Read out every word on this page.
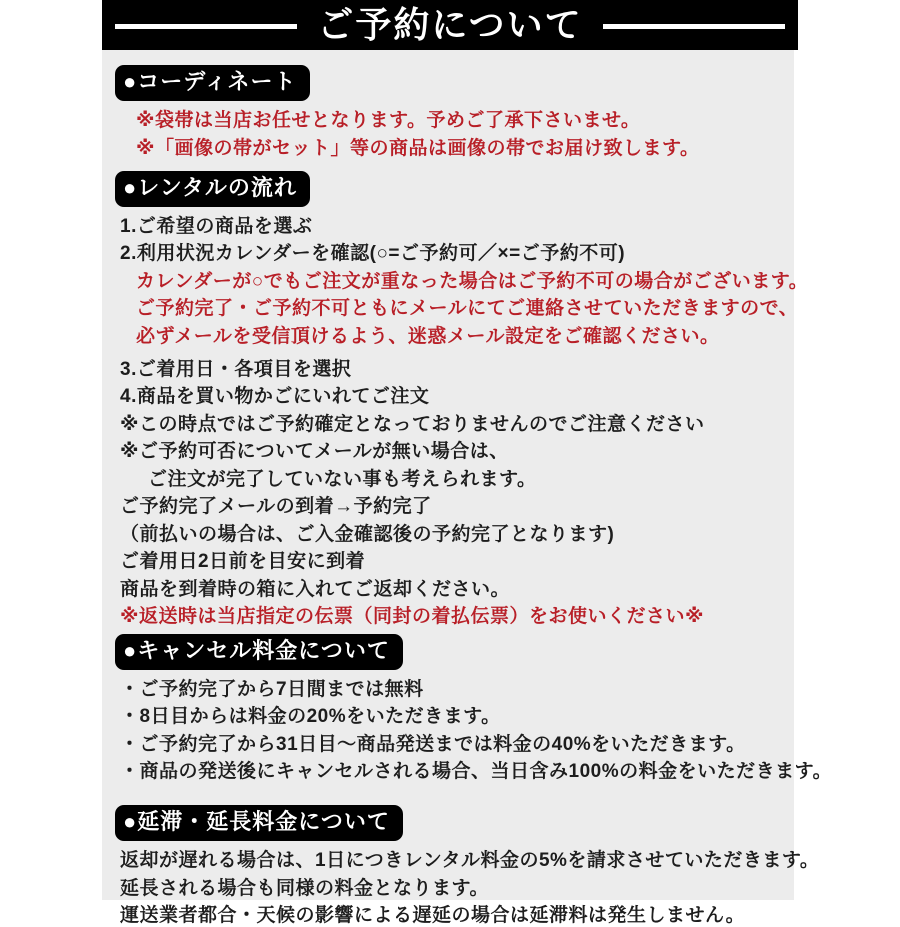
ご予約について
●コーディネート

※袋帯は当店お任せとなります。予めご了承下さいませ。

※「画像の帯がセット」等の商品は画像の帯でお届け致します。

●レンタルの流れ

1.ご希望の商品を選ぶ

2.利用状況カレンダーを確認(○=ご予約可／×=ご予約不可)

カレンダーが○でもご注文が重なった場合はご予約不可の場合がございます。

ご予約完了・ご予約不可ともにメールにてご連絡させていただきますので、

必ずメールを受信頂けるよう、迷惑メール設定をご確認ください。

3.ご着用日・各項目を選択

4.商品を買い物かごにいれてご注文

※この時点ではご予約確定となっておりませんのでご注意ください

※ご予約可否についてメールが無い場合は、

ご注文が完了していない事も考えられます。

ご予約完了メールの到着→予約完了

（前払いの場合は、ご入金確認後の予約完了となります)

ご着用日2日前を目安に到着

商品を到着時の箱に入れてご返却ください。

※返送時は当店指定の伝票（同封の着払伝票）をお使いください※

●キャンセル料金について

・ご予約完了から7日間までは無料

・8日目からは料金の20%をいただきます。

・ご予約完了から31日目〜商品発送までは料金の40%をいただきます。

・商品の発送後にキャンセルされる場合、当日含み100%の料金をいただきます。

●延滞・延長料金について

返却が遅れる場合は、1日につきレンタル料金の5%を請求させていただきます。

延長される場合も同様の料金となります。

運送業者都合・天候の影響による遅延の場合は延滞料は発生しません。
